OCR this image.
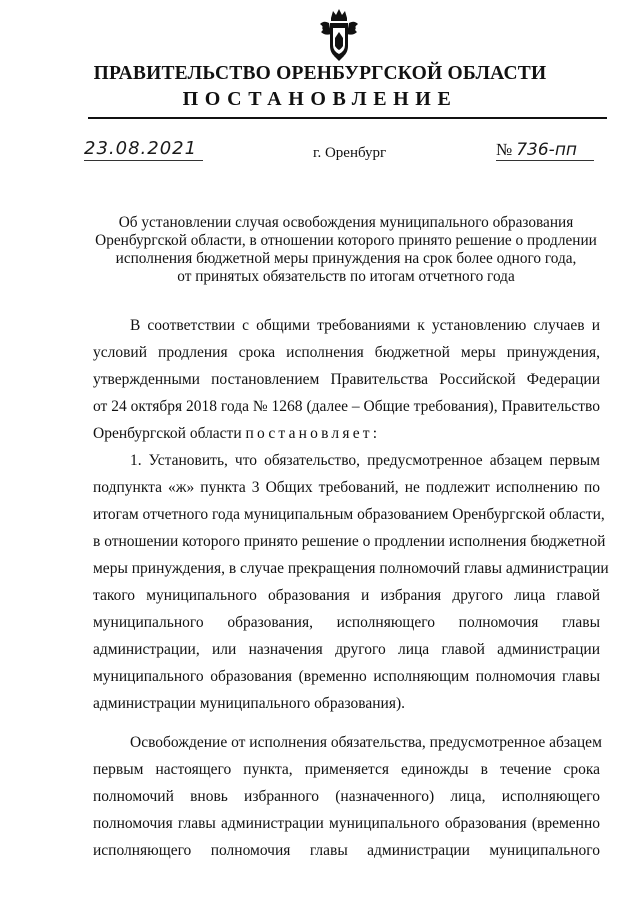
ПРАВИТЕЛЬСТВО ОРЕНБУРГСКОЙ ОБЛАСТИ
ПОСТАНОВЛЕНИЕ
23.08.2021	г. Оренбург	№ 736-пп
Об установлении случая освобождения муниципального образования
Оренбургской области, в отношении которого принято решение о продлении
исполнения бюджетной меры принуждения на срок более одного года,
от принятых обязательств по итогам отчетного года
В соответствии с общими требованиями к установлению случаев и
условий продления срока исполнения бюджетной меры принуждения,
утвержденными постановлением Правительства Российской Федерации
от 24 октября 2018 года № 1268 (далее – Общие требования), Правительство
Оренбургской области постановляет:
1. Установить, что обязательство, предусмотренное абзацем первым
подпункта «ж» пункта 3 Общих требований, не подлежит исполнению по
итогам отчетного года муниципальным образованием Оренбургской области,
в отношении которого принято решение о продлении исполнения бюджетной
меры принуждения, в случае прекращения полномочий главы администрации
такого муниципального образования и избрания другого лица главой
муниципального образования, исполняющего полномочия главы
администрации, или назначения другого лица главой администрации
муниципального образования (временно исполняющим полномочия главы
администрации муниципального образования).
Освобождение от исполнения обязательства, предусмотренное абзацем
первым настоящего пункта, применяется единожды в течение срока
полномочий вновь избранного (назначенного) лица, исполняющего
полномочия главы администрации муниципального образования (временно
исполняющего полномочия главы администрации муниципального
